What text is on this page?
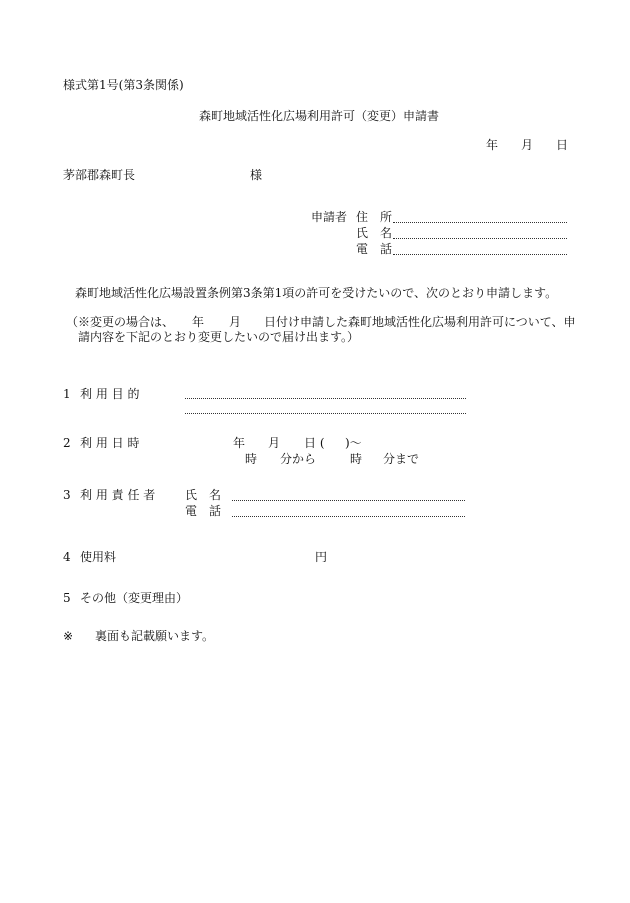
様式第1号(第3条関係)
森町地域活性化広場利用許可（変更）申請書
年 月 日
茅部郡森町長	様
申請者 住　所
氏　名
電　話
森町地域活性化広場設置条例第3条第1項の許可を受けたいので、次のとおり申請します。
（※変更の場合は、 年 月 日付け申請した森町地域活性化広場利用許可について、申
請内容を下記のとおり変更したいので届け出ます。）
1 利 用 目 的
2 利 用 日 時	年 月 日 ( )～
時 分から	時 分まで
3 利 用 責 任 者 氏　名
電　話
4 使用料	円
5 その他（変更理由）
※ 裏面も記載願います。
